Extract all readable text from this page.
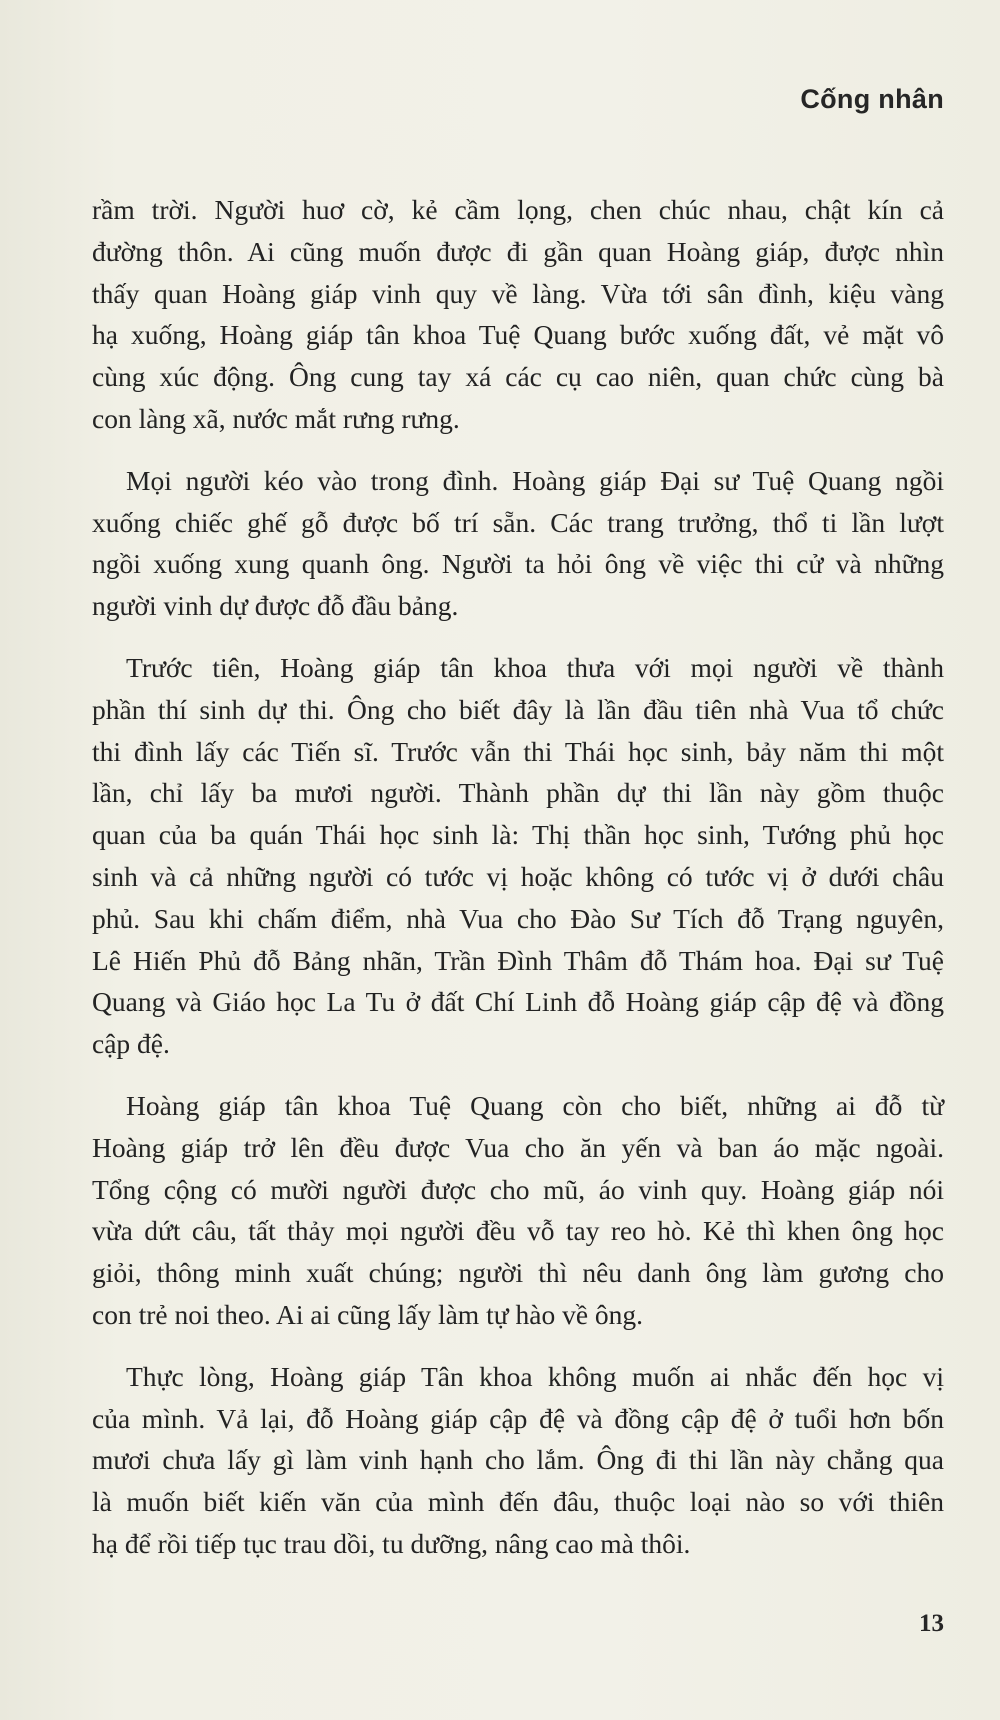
Cống nhân

rầm trời. Người huơ cờ, kẻ cầm lọng, chen chúc nhau, chật kín cả
đường thôn. Ai cũng muốn được đi gần quan Hoàng giáp, được nhìn
thấy quan Hoàng giáp vinh quy về làng. Vừa tới sân đình, kiệu vàng
hạ xuống, Hoàng giáp tân khoa Tuệ Quang bước xuống đất, vẻ mặt vô
cùng xúc động. Ông cung tay xá các cụ cao niên, quan chức cùng bà
con làng xã, nước mắt rưng rưng.

Mọi người kéo vào trong đình. Hoàng giáp Đại sư Tuệ Quang ngồi
xuống chiếc ghế gỗ được bố trí sẵn. Các trang trưởng, thổ ti lần lượt
ngồi xuống xung quanh ông. Người ta hỏi ông về việc thi cử và những
người vinh dự được đỗ đầu bảng.

Trước tiên, Hoàng giáp tân khoa thưa với mọi người về thành
phần thí sinh dự thi. Ông cho biết đây là lần đầu tiên nhà Vua tổ chức
thi đình lấy các Tiến sĩ. Trước vẫn thi Thái học sinh, bảy năm thi một
lần, chỉ lấy ba mươi người. Thành phần dự thi lần này gồm thuộc
quan của ba quán Thái học sinh là: Thị thần học sinh, Tướng phủ học
sinh và cả những người có tước vị hoặc không có tước vị ở dưới châu
phủ. Sau khi chấm điểm, nhà Vua cho Đào Sư Tích đỗ Trạng nguyên,
Lê Hiến Phủ đỗ Bảng nhãn, Trần Đình Thâm đỗ Thám hoa. Đại sư Tuệ
Quang và Giáo học La Tu ở đất Chí Linh đỗ Hoàng giáp cập đệ và đồng
cập đệ.

Hoàng giáp tân khoa Tuệ Quang còn cho biết, những ai đỗ từ
Hoàng giáp trở lên đều được Vua cho ăn yến và ban áo mặc ngoài.
Tổng cộng có mười người được cho mũ, áo vinh quy. Hoàng giáp nói
vừa dứt câu, tất thảy mọi người đều vỗ tay reo hò. Kẻ thì khen ông học
giỏi, thông minh xuất chúng; người thì nêu danh ông làm gương cho
con trẻ noi theo. Ai ai cũng lấy làm tự hào về ông.

Thực lòng, Hoàng giáp Tân khoa không muốn ai nhắc đến học vị
của mình. Vả lại, đỗ Hoàng giáp cập đệ và đồng cập đệ ở tuổi hơn bốn
mươi chưa lấy gì làm vinh hạnh cho lắm. Ông đi thi lần này chẳng qua
là muốn biết kiến văn của mình đến đâu, thuộc loại nào so với thiên
hạ để rồi tiếp tục trau dồi, tu dưỡng, nâng cao mà thôi.

13
